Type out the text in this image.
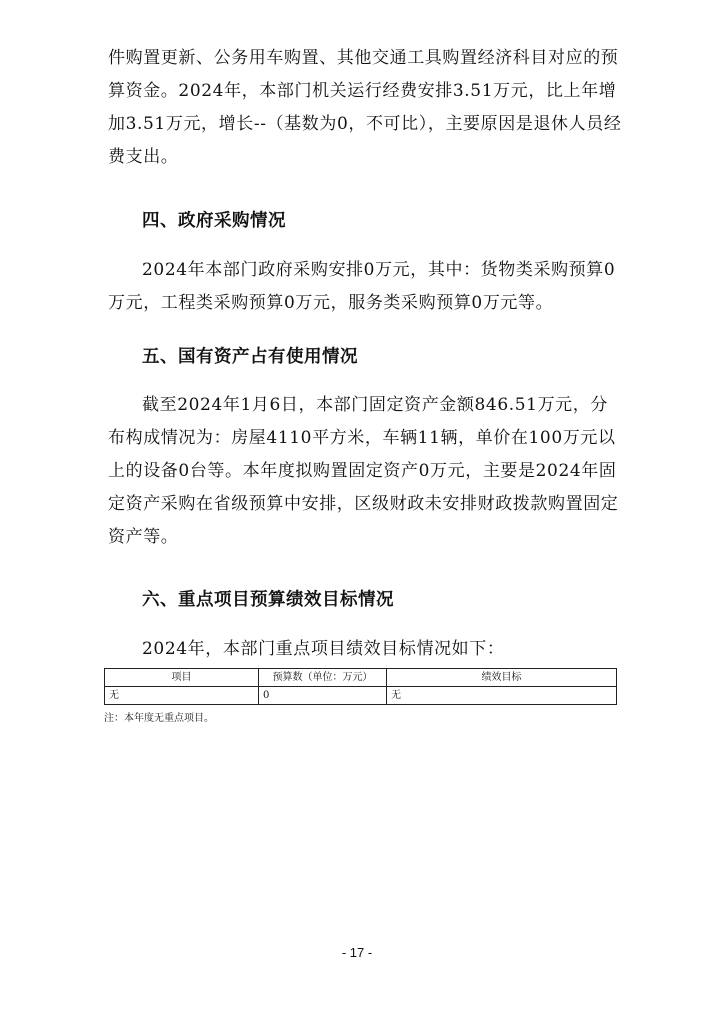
件购置更新、公务用车购置、其他交通工具购置经济科目对应的预算资金。2024年，本部门机关运行经费安排3.51万元，比上年增加3.51万元，增长--（基数为0，不可比），主要原因是退休人员经费支出。

四、政府采购情况

2024年本部门政府采购安排0万元，其中：货物类采购预算0万元，工程类采购预算0万元，服务类采购预算0万元等。

五、国有资产占有使用情况

截至2024年1月6日，本部门固定资产金额846.51万元，分布构成情况为：房屋4110平方米，车辆11辆，单价在100万元以上的设备0台等。本年度拟购置固定资产0万元，主要是2024年固定资产采购在省级预算中安排，区级财政未安排财政拨款购置固定资产等。

六、重点项目预算绩效目标情况

2024年，本部门重点项目绩效目标情况如下：

项目	预算数（单位：万元）	绩效目标
无	0	无

注：本年度无重点项目。

- 17 -
